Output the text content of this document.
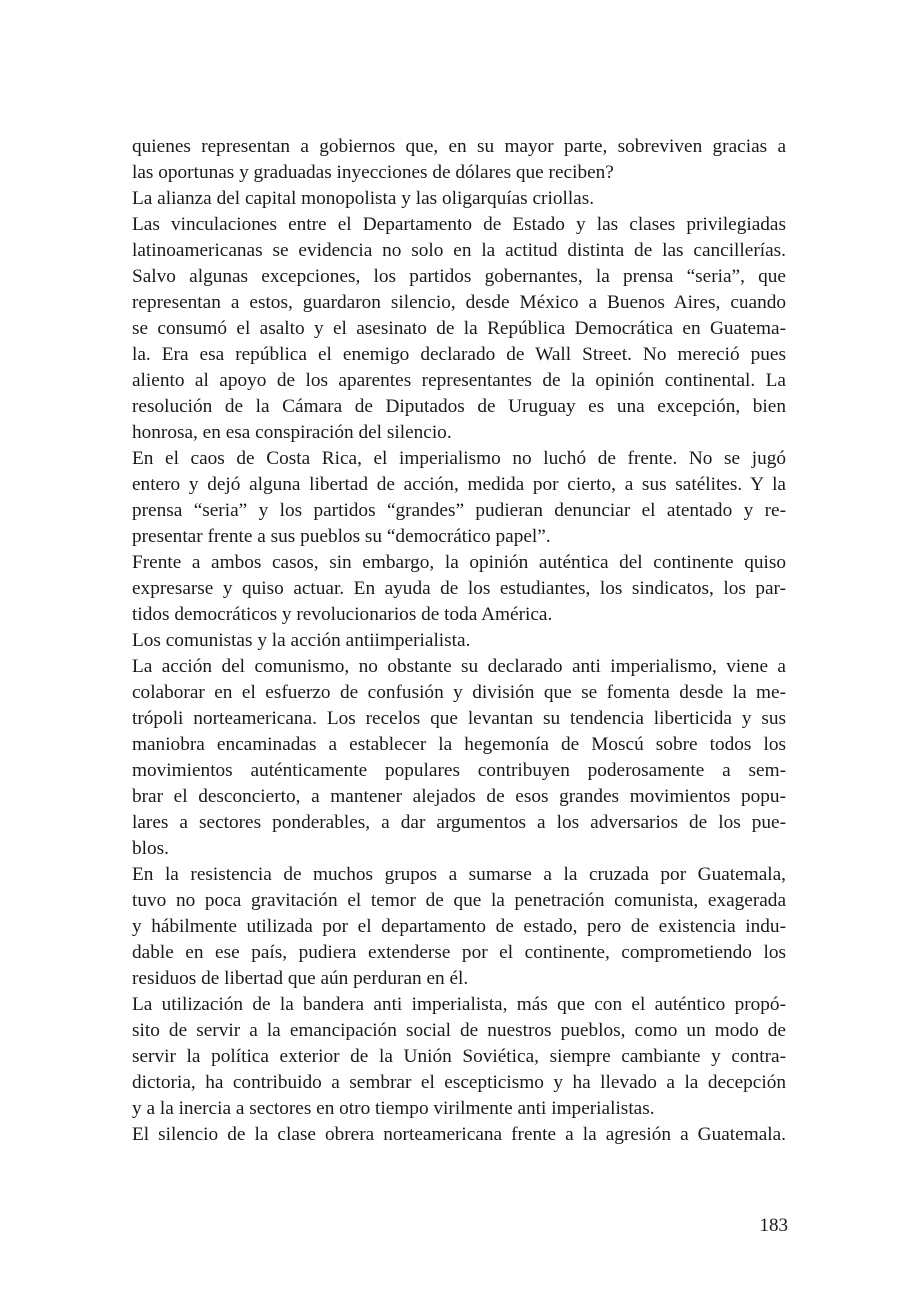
quienes representan a gobiernos que, en su mayor parte, sobreviven gracias a
las oportunas y graduadas inyecciones de dólares que reciben?
La alianza del capital monopolista y las oligarquías criollas.
Las vinculaciones entre el Departamento de Estado y las clases privilegiadas
latinoamericanas se evidencia no solo en la actitud distinta de las cancillerías.
Salvo algunas excepciones, los partidos gobernantes, la prensa “seria”, que
representan a estos, guardaron silencio, desde México a Buenos Aires, cuando
se consumó el asalto y el asesinato de la República Democrática en Guatema-
la. Era esa república el enemigo declarado de Wall Street. No mereció pues
aliento al apoyo de los aparentes representantes de la opinión continental. La
resolución de la Cámara de Diputados de Uruguay es una excepción, bien
honrosa, en esa conspiración del silencio.
En el caos de Costa Rica, el imperialismo no luchó de frente. No se jugó
entero y dejó alguna libertad de acción, medida por cierto, a sus satélites. Y la
prensa “seria” y los partidos “grandes” pudieran denunciar el atentado y re-
presentar frente a sus pueblos su “democrático papel”.
Frente a ambos casos, sin embargo, la opinión auténtica del continente quiso
expresarse y quiso actuar. En ayuda de los estudiantes, los sindicatos, los par-
tidos democráticos y revolucionarios de toda América.
Los comunistas y la acción antiimperialista.
La acción del comunismo, no obstante su declarado anti imperialismo, viene a
colaborar en el esfuerzo de confusión y división que se fomenta desde la me-
trópoli norteamericana. Los recelos que levantan su tendencia liberticida y sus
maniobra encaminadas a establecer la hegemonía de Moscú sobre todos los
movimientos auténticamente populares contribuyen poderosamente a sem-
brar el desconcierto, a mantener alejados de esos grandes movimientos popu-
lares a sectores ponderables, a dar argumentos a los adversarios de los pue-
blos.
En la resistencia de muchos grupos a sumarse a la cruzada por Guatemala,
tuvo no poca gravitación el temor de que la penetración comunista, exagerada
y hábilmente utilizada por el departamento de estado, pero de existencia indu-
dable en ese país, pudiera extenderse por el continente, comprometiendo los
residuos de libertad que aún perduran en él.
La utilización de la bandera anti imperialista, más que con el auténtico propó-
sito de servir a la emancipación social de nuestros pueblos, como un modo de
servir la política exterior de la Unión Soviética, siempre cambiante y contra-
dictoria, ha contribuido a sembrar el escepticismo y ha llevado a la decepción
y a la inercia a sectores en otro tiempo virilmente anti imperialistas.
El silencio de la clase obrera norteamericana frente a la agresión a Guatemala.
183
